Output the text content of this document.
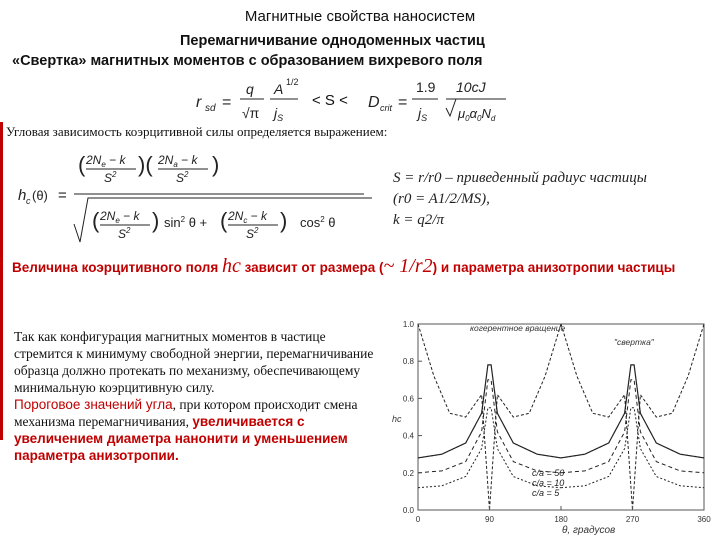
Магнитные свойства наносистем
Перемагничивание однодоменных частиц
«Свертка» магнитных моментов с образованием вихревого поля
r sd =
q
√π
A 1/2
$j_S$
< S < D crit =
1.9
$j_S$
10cJ
$\mu_0\alpha_0N_d$
Угловая зависимость коэрцитивной силы определяется выражением:
h c (θ) =
( $2N_e - k$
$S^2$ )( $2N_a - k$
$S^2$ )
( $2N_e - k$
$S^2$ ) $\sin^2 \theta$ + ( $2N_c - k$
$S^2$ ) $\cos^2 \theta$
S = r/r0 – приведенный радиус частицы
(r0 = A1/2/MS),
k = q2/π
Величина коэрцитивного поля hc зависит от размера (~ 1/r2) и параметра анизотропии частицы
Так как конфигурация магнитных моментов в частице стремится к минимуму свободной энергии, перемагничивание образца должно протекать по механизму, обеспечивающему минимальную коэрцитивную силу.
Пороговое значений угла, при котором происходит смена механизма перемагничивания, увеличивается с увеличением диаметра нанонити и уменьшением параметра анизотропии.
0	90	180	270	360
0.0
0.2
0.4
0.6
0.8
1.0
hc
θ, градусов
когерентное вращение
"свертка"
c/a = 50
c/a = 10
c/a = 5
